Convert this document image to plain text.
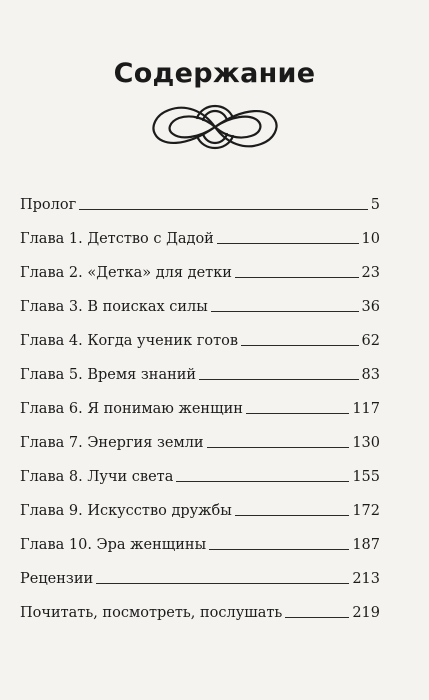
Содержание
Пролог	5
Глава 1. Детство с Дадой	10
Глава 2. «Детка» для детки	23
Глава 3. В поисках силы	36
Глава 4. Когда ученик готов	62
Глава 5. Время знаний	83
Глава 6. Я понимаю женщин	117
Глава 7. Энергия земли	130
Глава 8. Лучи света	155
Глава 9. Искусство дружбы	172
Глава 10. Эра женщины	187
Рецензии	213
Почитать, посмотреть, послушать	219
